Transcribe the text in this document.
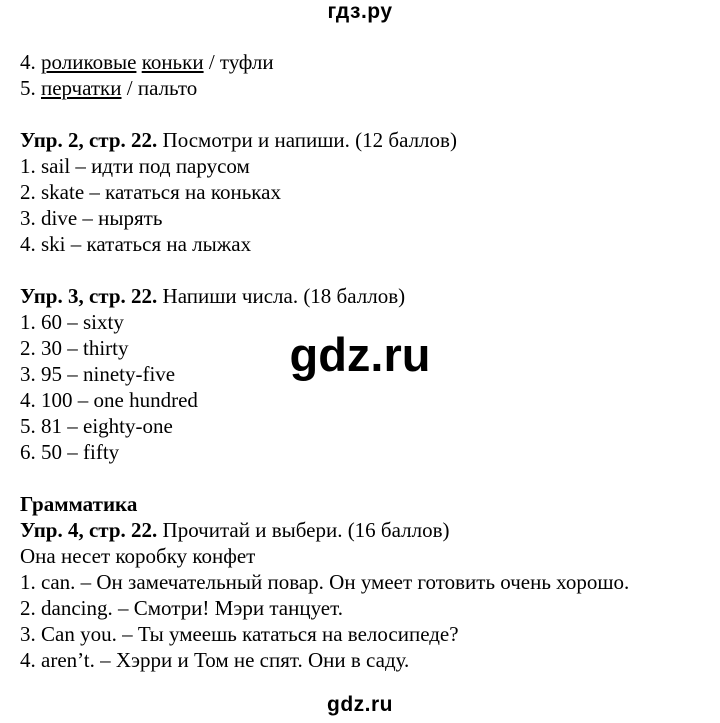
гдз.ру
4. роликовые коньки / туфли
5. перчатки / пальто
Упр. 2, стр. 22. Посмотри и напиши. (12 баллов)
1. sail – идти под парусом
2. skate – кататься на коньках
3. dive – нырять
4. ski – кататься на лыжах
Упр. 3, стр. 22. Напиши числа. (18 баллов)
1. 60 – sixty
2. 30 – thirty
3. 95 – ninety-five
4. 100 – one hundred
5. 81 – eighty-one
6. 50 – fifty
Грамматика
Упр. 4, стр. 22. Прочитай и выбери. (16 баллов)
Она несет коробку конфет
1. can. – Он замечательный повар. Он умеет готовить очень хорошо.
2. dancing. – Смотри! Мэри танцует.
3. Can you. – Ты умеешь кататься на велосипеде?
4. aren’t. – Хэрри и Том не спят. Они в саду.
gdz.ru
gdz.ru
